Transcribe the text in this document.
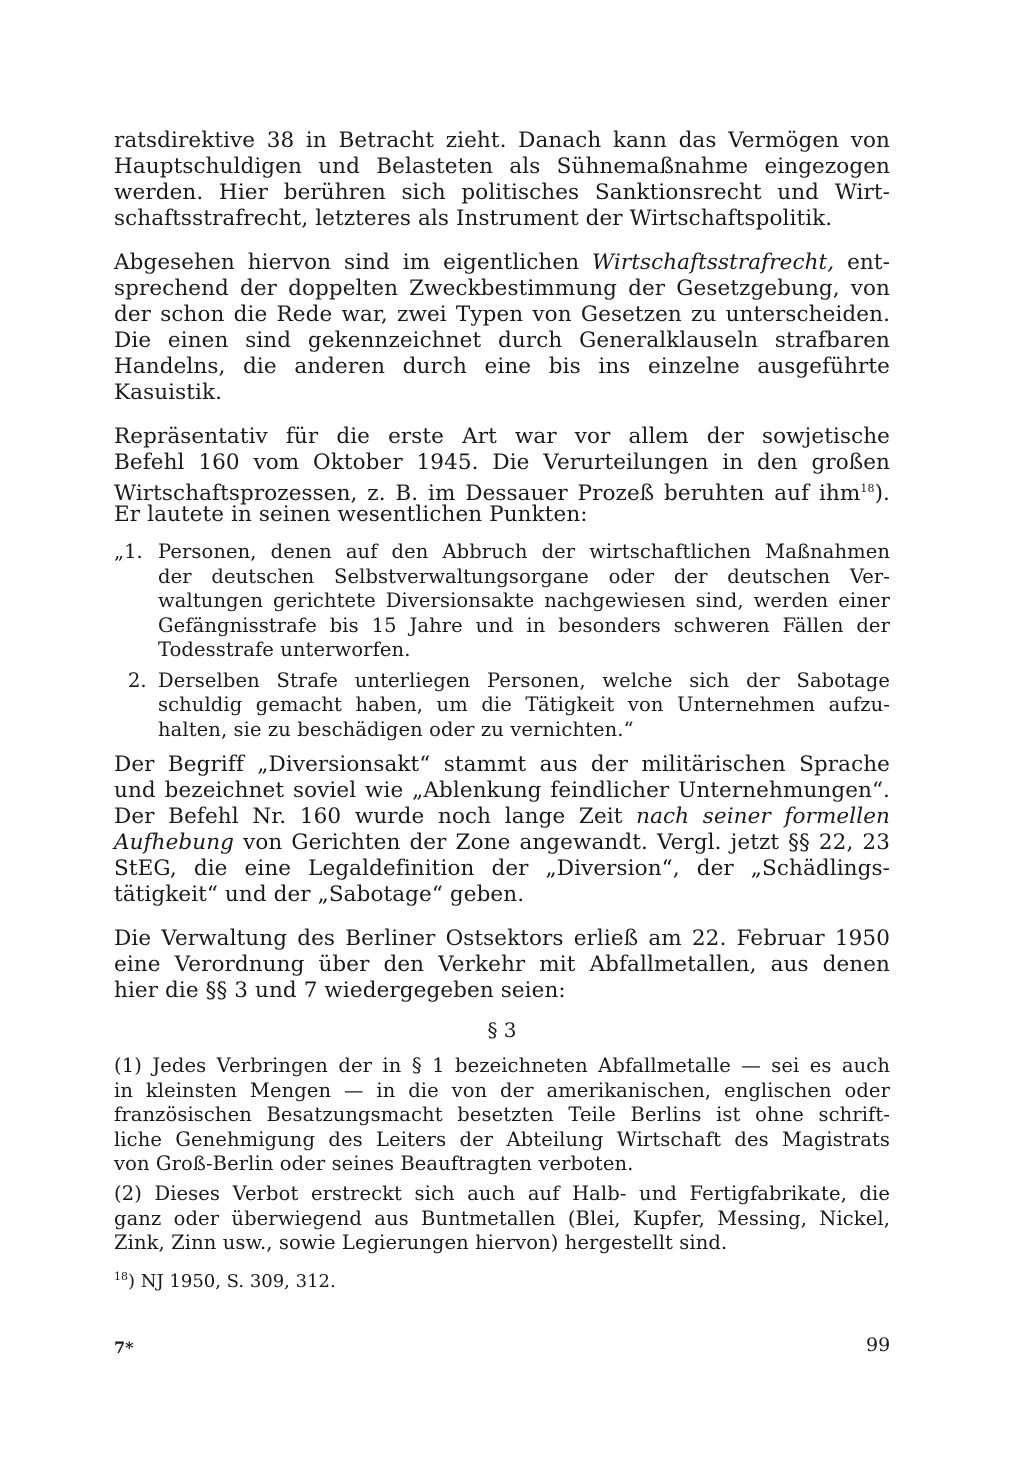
ratsdirektive 38 in Betracht zieht. Danach kann das Vermögen von
Hauptschuldigen und Belasteten als Sühnemaßnahme eingezogen
werden. Hier berühren sich politisches Sanktionsrecht und Wirt-
schaftsstrafrecht, letzteres als Instrument der Wirtschaftspolitik.
Abgesehen hiervon sind im eigentlichen Wirtschaftsstrafrecht, ent-
sprechend der doppelten Zweckbestimmung der Gesetzgebung, von
der schon die Rede war, zwei Typen von Gesetzen zu unterscheiden.
Die einen sind gekennzeichnet durch Generalklauseln strafbaren
Handelns, die anderen durch eine bis ins einzelne ausgeführte
Kasuistik.
Repräsentativ für die erste Art war vor allem der sowjetische
Befehl 160 vom Oktober 1945. Die Verurteilungen in den großen
Wirtschaftsprozessen, z. B. im Dessauer Prozeß beruhten auf ihm$^{18}$).
Er lautete in seinen wesentlichen Punkten:
„1. Personen, denen auf den Abbruch der wirtschaftlichen Maßnahmen
der deutschen Selbstverwaltungsorgane oder der deutschen Ver-
waltungen gerichtete Diversionsakte nachgewiesen sind, werden einer
Gefängnisstrafe bis 15 Jahre und in besonders schweren Fällen der
Todesstrafe unterworfen.
2. Derselben Strafe unterliegen Personen, welche sich der Sabotage
schuldig gemacht haben, um die Tätigkeit von Unternehmen aufzu-
halten, sie zu beschädigen oder zu vernichten.“
Der Begriff „Diversionsakt“ stammt aus der militärischen Sprache
und bezeichnet soviel wie „Ablenkung feindlicher Unternehmungen“.
Der Befehl Nr. 160 wurde noch lange Zeit nach seiner formellen
Aufhebung von Gerichten der Zone angewandt. Vergl. jetzt §§ 22, 23
StEG, die eine Legaldefinition der „Diversion“, der „Schädlings-
tätigkeit“ und der „Sabotage“ geben.
Die Verwaltung des Berliner Ostsektors erließ am 22. Februar 1950
eine Verordnung über den Verkehr mit Abfallmetallen, aus denen
hier die §§ 3 und 7 wiedergegeben seien:
§ 3
(1) Jedes Verbringen der in § 1 bezeichneten Abfallmetalle — sei es auch
in kleinsten Mengen — in die von der amerikanischen, englischen oder
französischen Besatzungsmacht besetzten Teile Berlins ist ohne schrift-
liche Genehmigung des Leiters der Abteilung Wirtschaft des Magistrats
von Groß-Berlin oder seines Beauftragten verboten.
(2) Dieses Verbot erstreckt sich auch auf Halb- und Fertigfabrikate, die
ganz oder überwiegend aus Buntmetallen (Blei, Kupfer, Messing, Nickel,
Zink, Zinn usw., sowie Legierungen hiervon) hergestellt sind.
$^{18}$) NJ 1950, S. 309, 312.
7*	99
